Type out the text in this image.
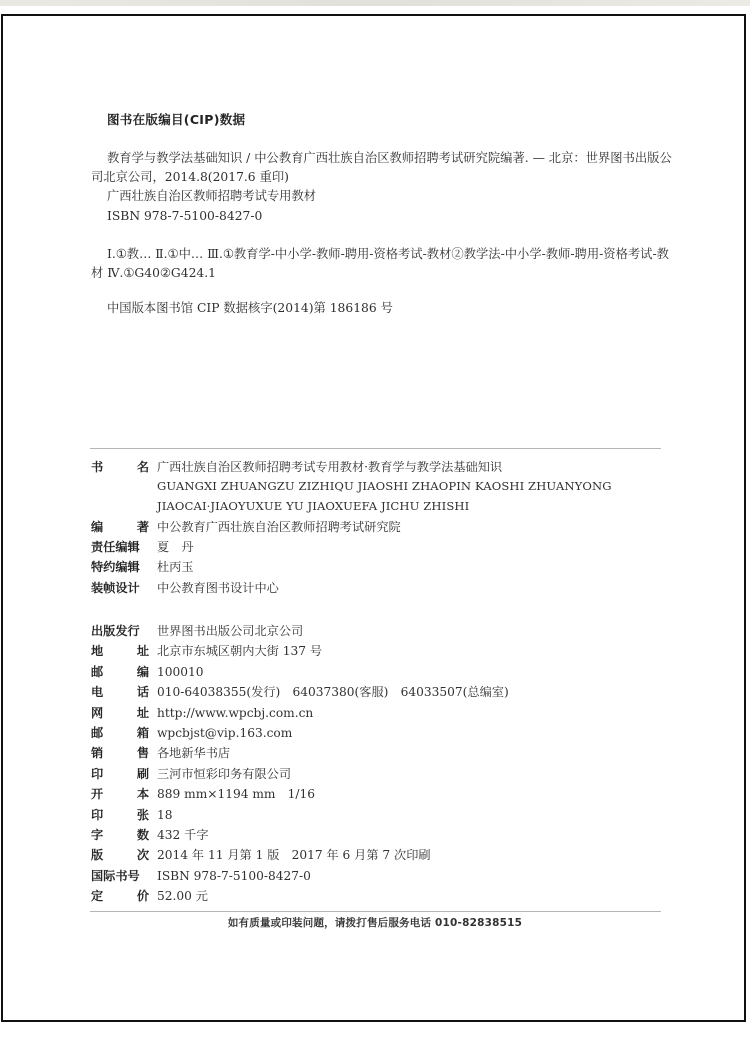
图书在版编目(CIP)数据

教育学与教学法基础知识 / 中公教育广西壮族自治区教师招聘考试研究院编著. — 北京：世界图书出版公司北京公司，2014.8(2017.6 重印)

广西壮族自治区教师招聘考试专用教材

ISBN 978-7-5100-8427-0

Ⅰ.①教… Ⅱ.①中… Ⅲ.①教育学-中小学-教师-聘用-资格考试-教材②教学法-中小学-教师-聘用-资格考试-教材 Ⅳ.①G40②G424.1

中国版本图书馆 CIP 数据核字(2014)第 186186 号

书	名 广西壮族自治区教师招聘考试专用教材·教育学与教学法基础知识
GUANGXI ZHUANGZU ZIZHIQU JIAOSHI ZHAOPIN KAOSHI ZHUANYONG JIAOCAI·JIAOYUXUE YU JIAOXUEFA JICHU ZHISHI
编	著 中公教育广西壮族自治区教师招聘考试研究院
责任编辑 夏　丹
特约编辑 杜丙玉
装帧设计 中公教育图书设计中心
出版发行 世界图书出版公司北京公司
地	址 北京市东城区朝内大街 137 号
邮	编 100010
电	话 010-64038355(发行)　64037380(客服)　64033507(总编室)
网	址 http://www.wpcbj.com.cn
邮	箱 wpcbjst@vip.163.com
销	售 各地新华书店
印	刷 三河市恒彩印务有限公司
开	本 889 mm×1194 mm　1/16
印	张 18
字	数 432 千字
版	次 2014 年 11 月第 1 版　2017 年 6 月第 7 次印刷
国际书号 ISBN 978-7-5100-8427-0
定	价 52.00 元
如有质量或印装问题，请拨打售后服务电话 010-82838515
